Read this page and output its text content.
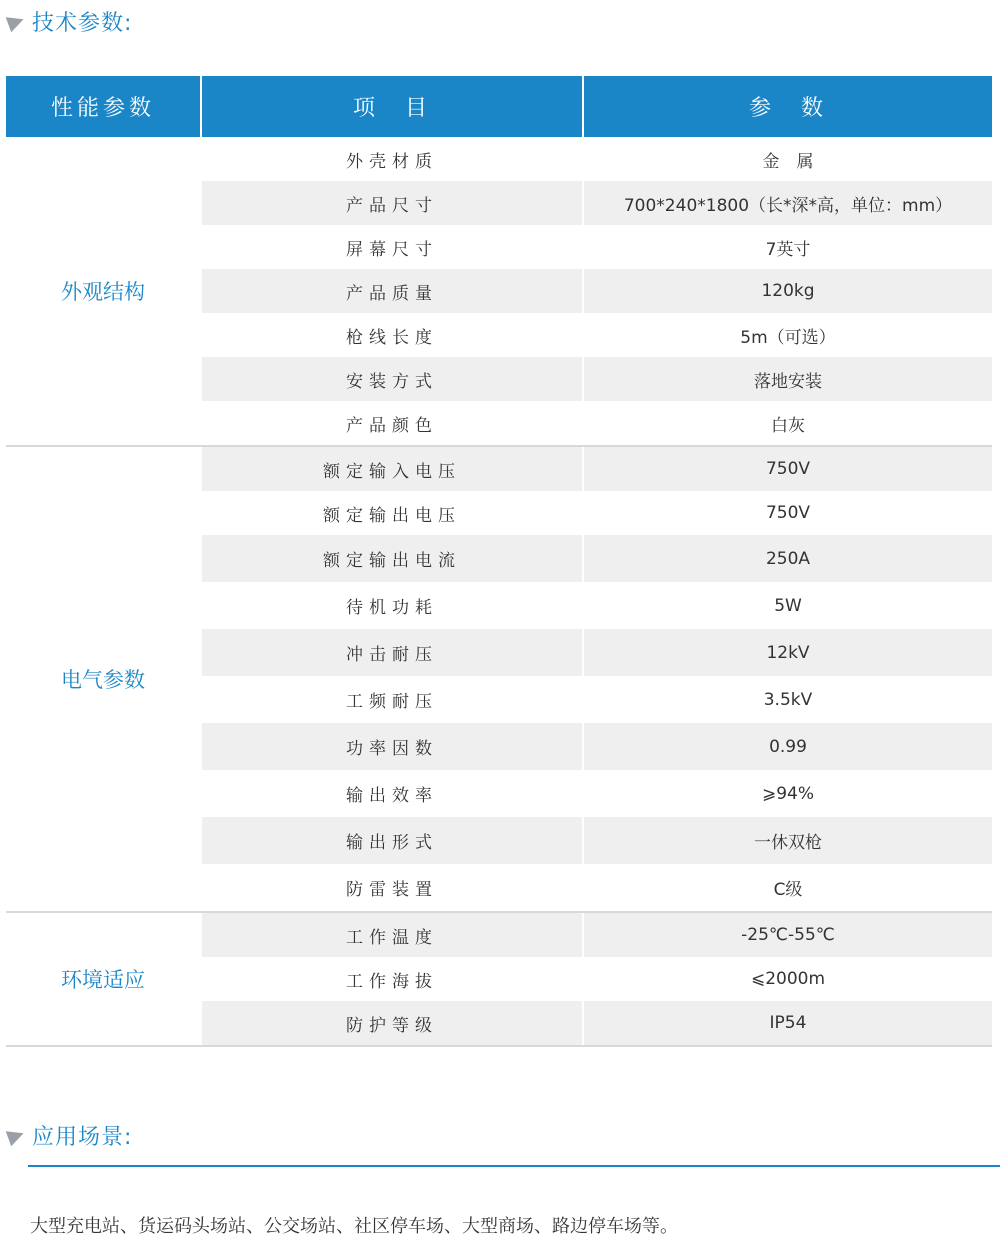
技术参数:
性能参数	项　目	参　数
外观结构	外壳材质	金　属
	产品尺寸	700*240*1800（长*深*高，单位：mm）
	屏幕尺寸	7英寸
	产品质量	120kg
	枪线长度	5m（可选）
	安装方式	落地安装
	产品颜色	白灰
电气参数	额定输入电压	750V
	额定输出电压	750V
	额定输出电流	250A
	待机功耗	5W
	冲击耐压	12kV
	工频耐压	3.5kV
	功率因数	0.99
	输出效率	⩾94%
	输出形式	一休双枪
	防雷装置	C级
环境适应	工作温度	-25℃-55℃
	工作海拔	⩽2000m
	防护等级	IP54
应用场景:
大型充电站、货运码头场站、公交场站、社区停车场、大型商场、路边停车场等。
